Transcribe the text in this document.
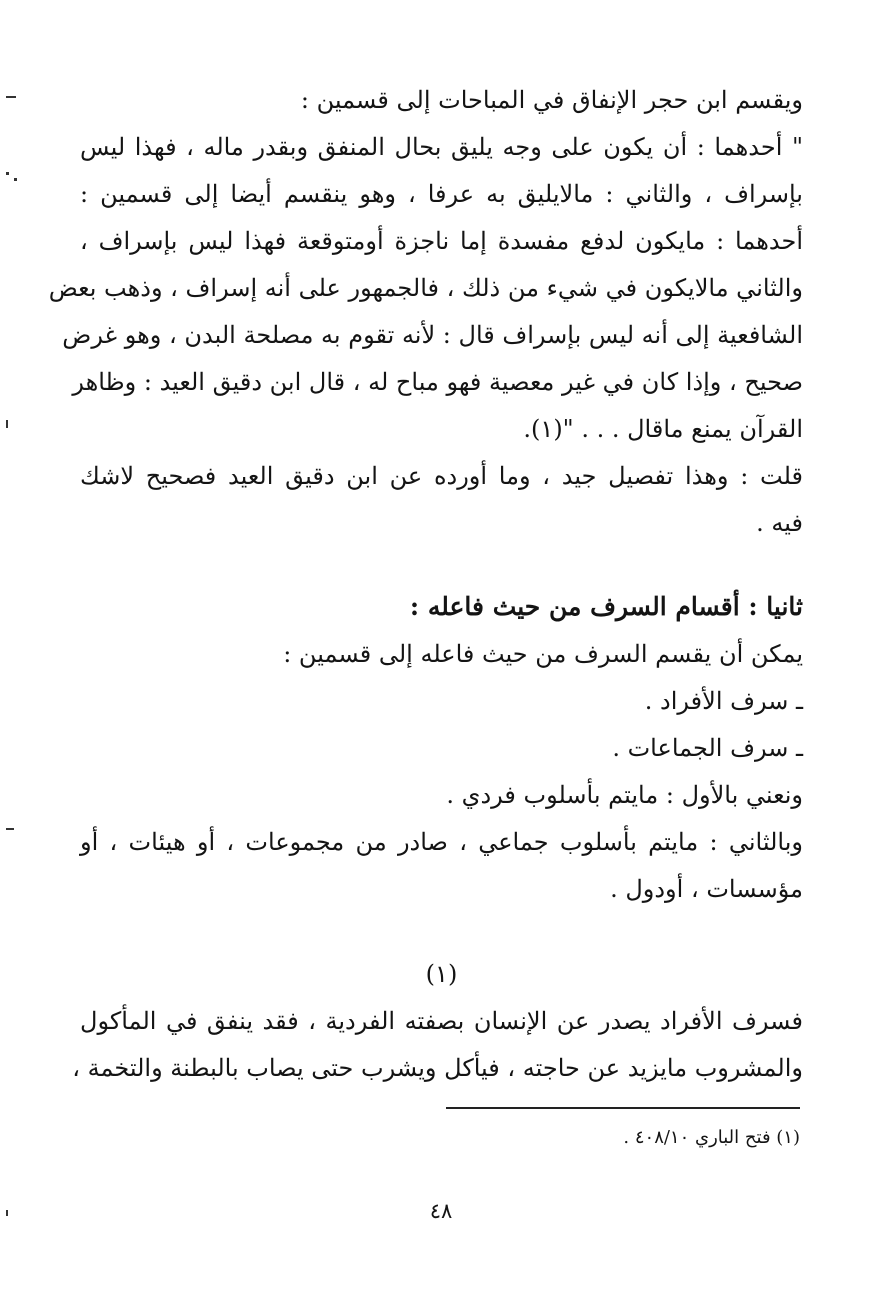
ويقسم ابن حجر الإنفاق في المباحات إلى قسمين :
" أحدهما : أن يكون على وجه يليق بحال المنفق وبقدر ماله ، فهذا ليس
بإسراف ، والثاني : مالايليق به عرفا ، وهو ينقسم أيضا إلى قسمين :
أحدهما : مايكون لدفع مفسدة إما ناجزة أومتوقعة فهذا ليس بإسراف ،
والثاني مالايكون في شيء من ذلك ، فالجمهور على أنه إسراف ، وذهب بعض
الشافعية إلى أنه ليس بإسراف قال : لأنه تقوم به مصلحة البدن ، وهو غرض
صحيح ، وإذا كان في غير معصية فهو مباح له ، قال ابن دقيق العيد : وظاهر
القرآن يمنع ماقال . . . "(١).
قلت : وهذا تفصيل جيد ، وما أورده عن ابن دقيق العيد فصحيح لاشك
فيه .
ثانيا : أقسام السرف من حيث فاعله :
يمكن أن يقسم السرف من حيث فاعله إلى قسمين :
ـ سرف الأفراد .
ـ سرف الجماعات .
ونعني بالأول : مايتم بأسلوب فردي .
وبالثاني : مايتم بأسلوب جماعي ، صادر من مجموعات ، أو هيئات ، أو
مؤسسات ، أودول .
(١)
فسرف الأفراد يصدر عن الإنسان بصفته الفردية ، فقد ينفق في المأكول
والمشروب مايزيد عن حاجته ، فيأكل ويشرب حتى يصاب بالبطنة والتخمة ،
(١) فتح الباري ٤٠٨/١٠ .
٤٨
